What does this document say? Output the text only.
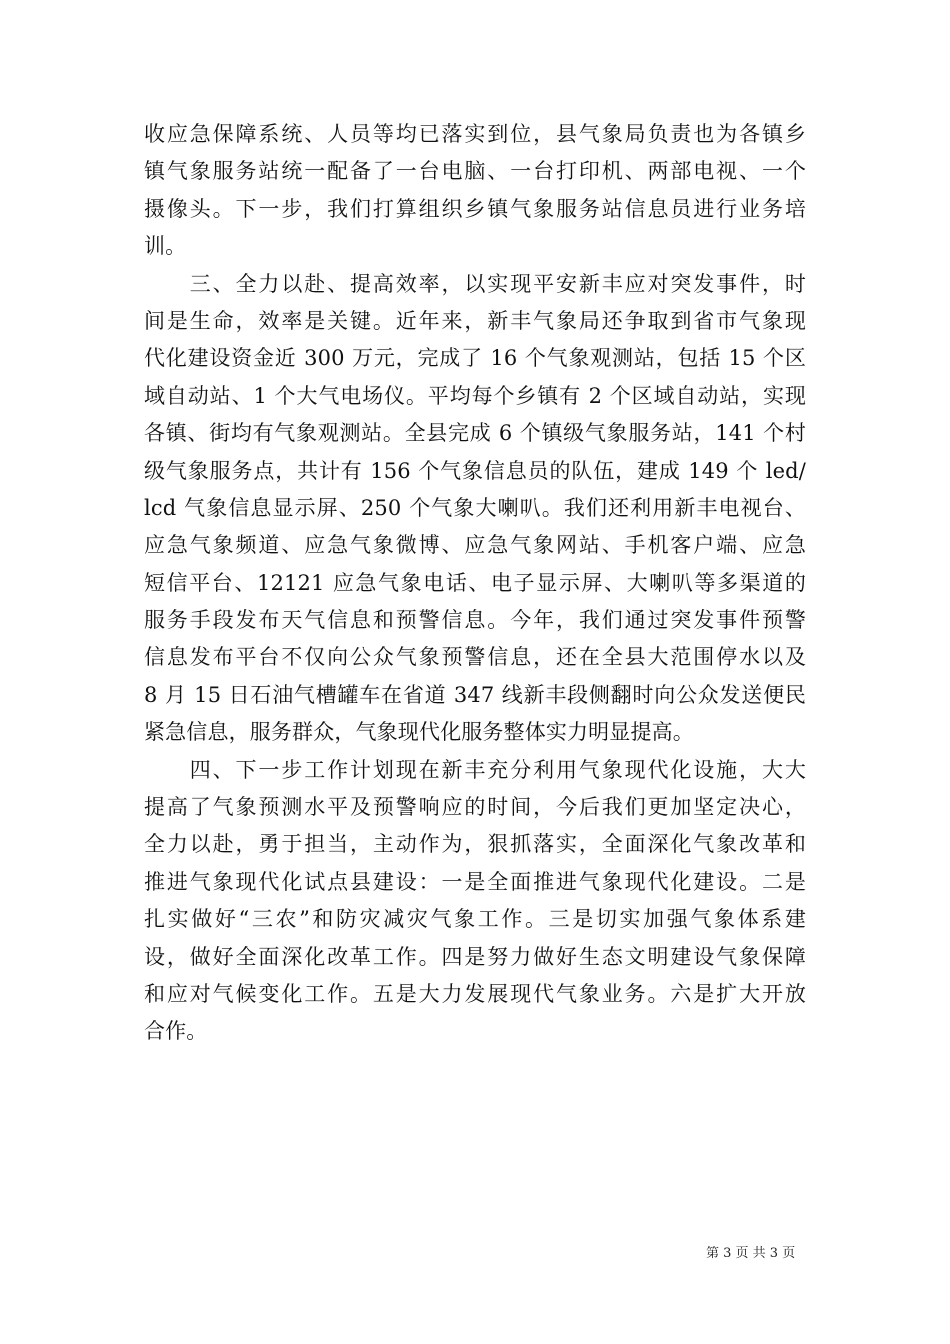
收应急保障系统、人员等均已落实到位，县气象局负责也为各镇乡
镇气象服务站统一配备了一台电脑、一台打印机、两部电视、一个
摄像头。下一步，我们打算组织乡镇气象服务站信息员进行业务培
训。
　　三、全力以赴、提高效率，以实现平安新丰应对突发事件，时
间是生命，效率是关键。近年来，新丰气象局还争取到省市气象现
代化建设资金近 300 万元，完成了 16 个气象观测站，包括 15 个区
域自动站、1 个大气电场仪。平均每个乡镇有 2 个区域自动站，实现
各镇、街均有气象观测站。全县完成 6 个镇级气象服务站，141 个村
级气象服务点，共计有 156 个气象信息员的队伍，建成 149 个 led/
lcd 气象信息显示屏、250 个气象大喇叭。我们还利用新丰电视台、
应急气象频道、应急气象微博、应急气象网站、手机客户端、应急
短信平台、12121 应急气象电话、电子显示屏、大喇叭等多渠道的
服务手段发布天气信息和预警信息。今年，我们通过突发事件预警
信息发布平台不仅向公众气象预警信息，还在全县大范围停水以及
8 月 15 日石油气槽罐车在省道 347 线新丰段侧翻时向公众发送便民
紧急信息，服务群众，气象现代化服务整体实力明显提高。
　　四、下一步工作计划现在新丰充分利用气象现代化设施，大大
提高了气象预测水平及预警响应的时间，今后我们更加坚定决心，
全力以赴，勇于担当，主动作为，狠抓落实，全面深化气象改革和
推进气象现代化试点县建设：一是全面推进气象现代化建设。二是
扎实做好“三农”和防灾减灾气象工作。三是切实加强气象体系建
设，做好全面深化改革工作。四是努力做好生态文明建设气象保障
和应对气候变化工作。五是大力发展现代气象业务。六是扩大开放
合作。
第 3 页 共 3 页
